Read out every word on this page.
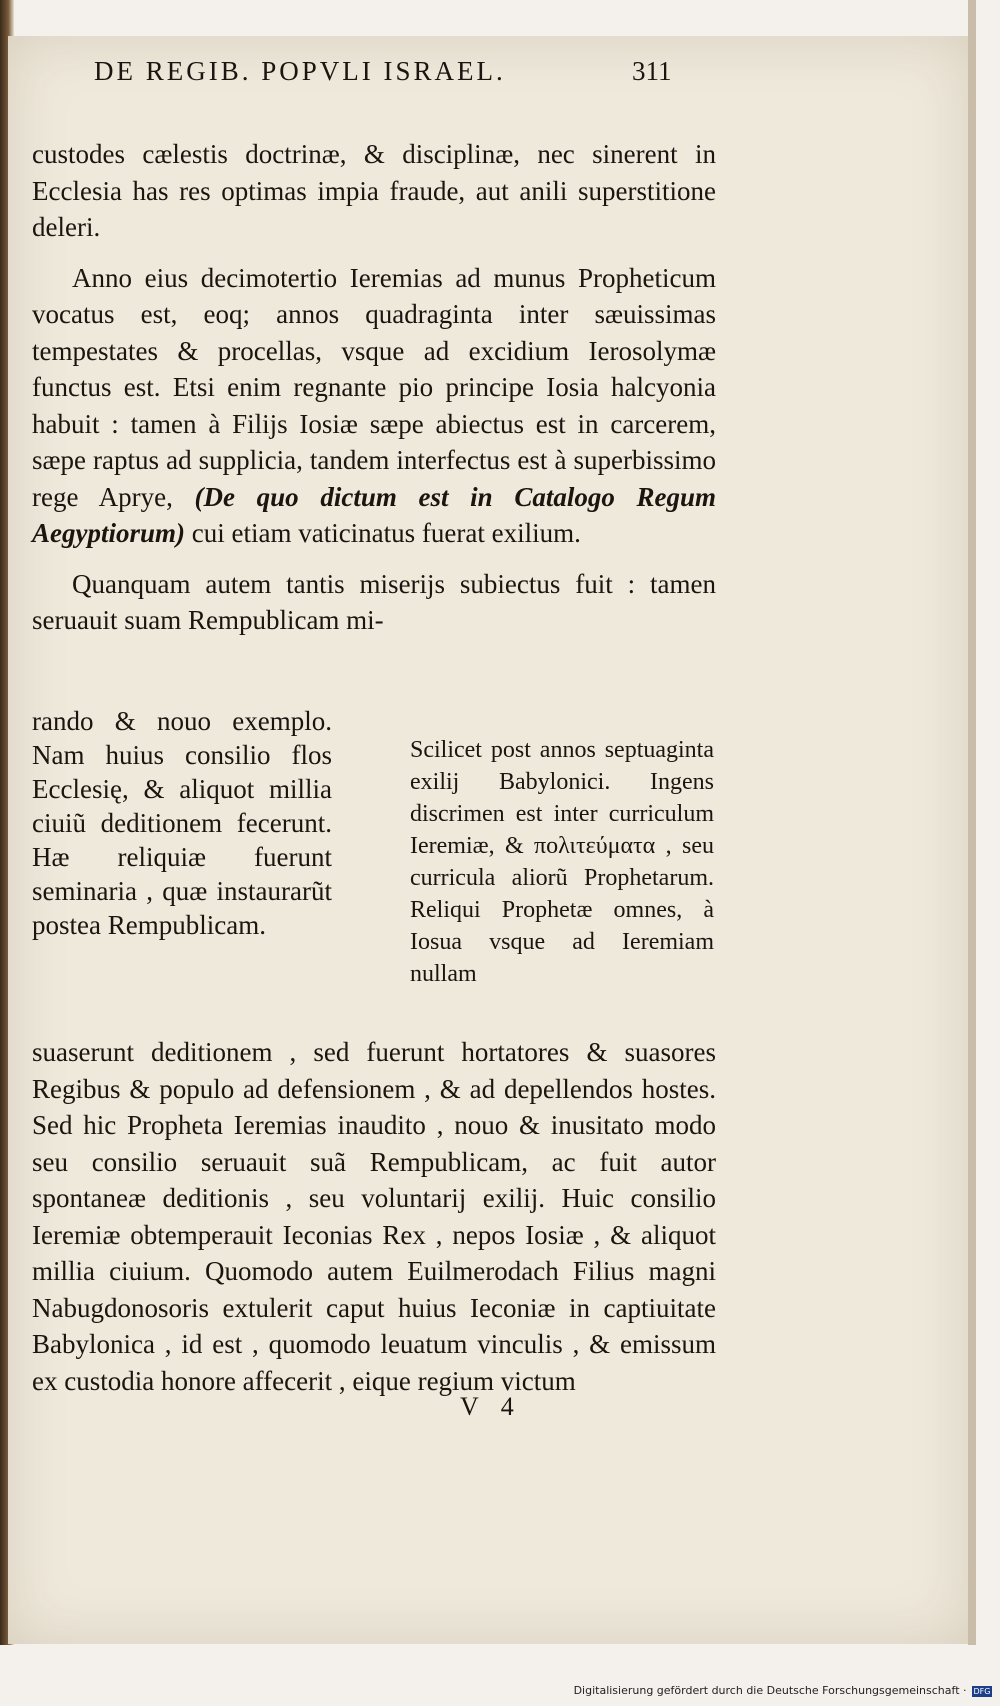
DE REGIB. POPVLI ISRAEL.	311

custodes cælestis doctrinæ, & disciplinæ, nec sinerent in Ecclesia has res optimas impia fraude, aut anili superstitione deleri.

Anno eius decimotertio Ieremias ad munus Propheticum vocatus est, eoq; annos quadraginta inter sæuissimas tempestates & procellas, vsque ad excidium Ierosolymæ functus est. Etsi enim regnante pio principe Iosia halcyonia habuit : tamen à Filijs Iosiæ sæpe abiectus est in carcerem, sæpe raptus ad supplicia, tandem interfectus est à superbissimo rege Aprye, (De quo dictum est in Catalogo Regum Aegyptiorum) cui etiam vaticinatus fuerat exilium.

Quanquam autem tantis miserijs subiectus fuit : tamen seruauit suam Rempublicam mi-

rando & nouo exemplo. Nam huius consilio flos Ecclesię, & aliquot millia ciuiũ deditionem fecerunt. Hæ reliquiæ fuerunt seminaria , quæ instaurarũt postea Rempublicam.
Scilicet post annos septuaginta exilij Babylonici. Ingens discrimen est inter curriculum Ieremiæ, & πολιτεύματα , seu curricula aliorũ Prophetarum. Reliqui Prophetæ omnes, à Iosua vsque ad Ieremiam nullam
suaserunt deditionem , sed fuerunt hortatores & suasores Regibus & populo ad defensionem , & ad depellendos hostes. Sed hic Propheta Ieremias inaudito , nouo & inusitato modo seu consilio seruauit suã Rempublicam, ac fuit autor spontaneæ deditionis , seu voluntarij exilij. Huic consilio Ieremiæ obtemperauit Ieconias Rex , nepos Iosiæ , & aliquot millia ciuium. Quomodo autem Euilmerodach Filius magni Nabugdonosoris extulerit caput huius Ieconiæ in captiuitate Babylonica , id est , quomodo leuatum vinculis , & emissum ex custodia honore affecerit , eique regium victum
V 4
Digitalisierung gefördert durch die Deutsche Forschungsgemeinschaft · DFG
